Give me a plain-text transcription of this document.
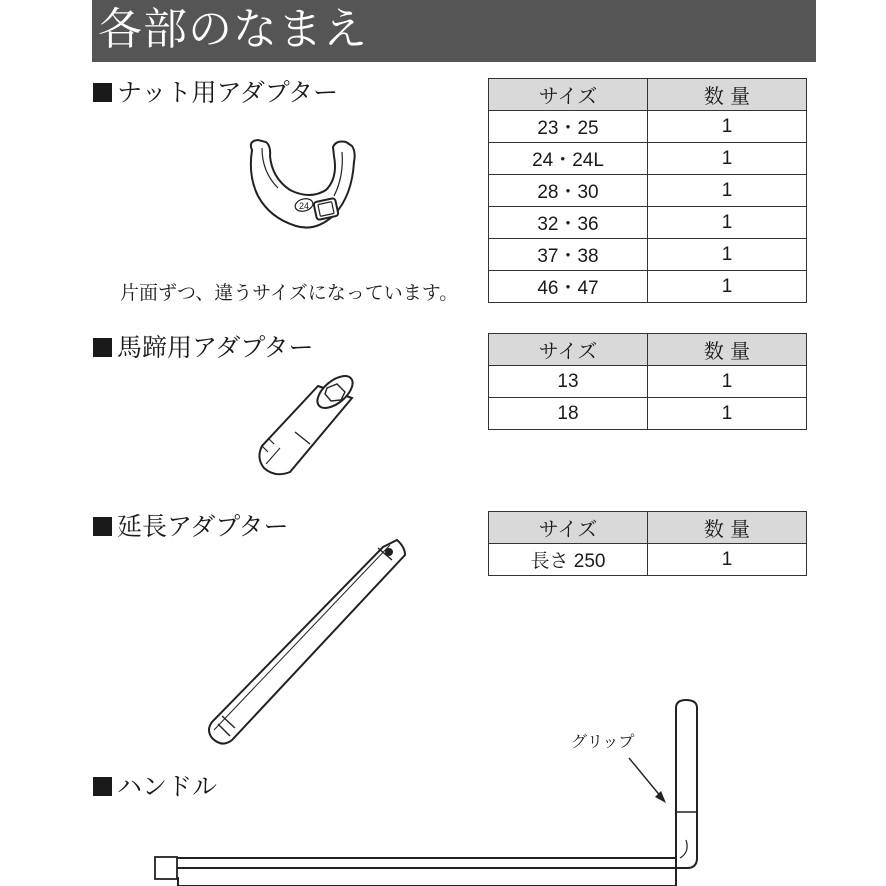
各部のなまえ
ナット用アダプター
馬蹄用アダプター
延長アダプター
ハンドル
片面ずつ、違うサイズになっています。
サイズ	数 量
23・25	1
24・24L	1
28・30	1
32・36	1
37・38	1
46・47	1
サイズ	数 量
13	1
18	1
サイズ	数 量
長さ 250	1
24
グリップ
